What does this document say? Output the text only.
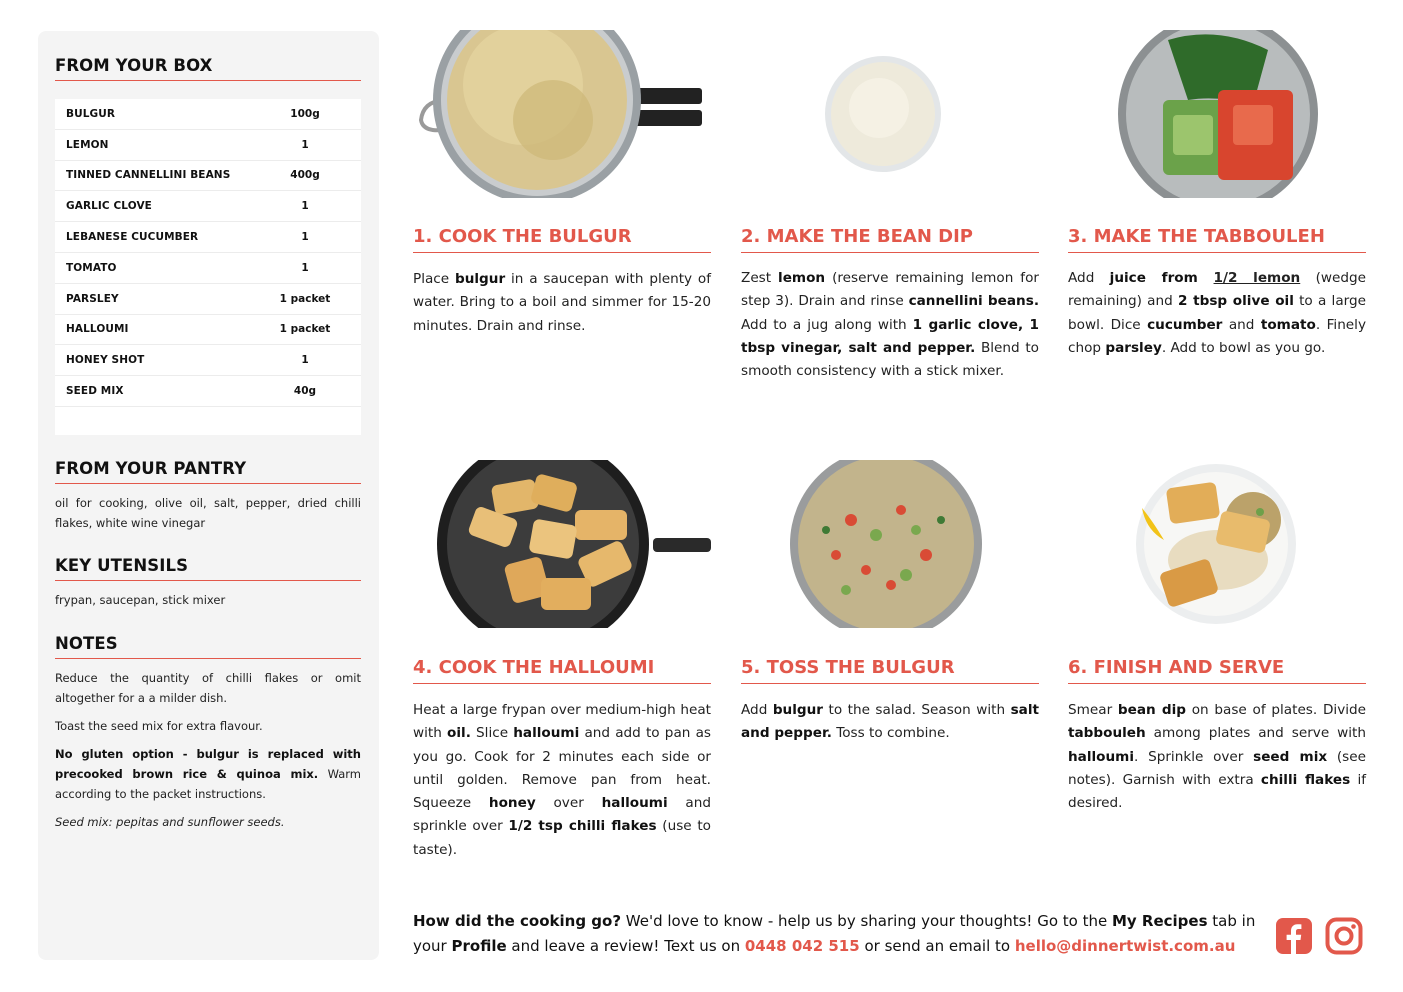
FROM YOUR BOX
BULGUR	100g
LEMON	1
TINNED CANNELLINI BEANS	400g
GARLIC CLOVE	1
LEBANESE CUCUMBER	1
TOMATO	1
PARSLEY	1 packet
HALLOUMI	1 packet
HONEY SHOT	1
SEED MIX	40g
FROM YOUR PANTRY
oil for cooking, olive oil, salt, pepper, dried chilli flakes, white wine vinegar
KEY UTENSILS
frypan, saucepan, stick mixer
NOTES

Reduce the quantity of chilli flakes or omit altogether for a a milder dish.

Toast the seed mix for extra flavour.

No gluten option - bulgur is replaced with precooked brown rice & quinoa mix. Warm according to the packet instructions.

Seed mix: pepitas and sunflower seeds.

1. COOK THE BULGUR
Place bulgur in a saucepan with plenty of water. Bring to a boil and simmer for 15-20 minutes. Drain and rinse.
2. MAKE THE BEAN DIP
Zest lemon (reserve remaining lemon for step 3). Drain and rinse cannellini beans. Add to a jug along with 1 garlic clove, 1 tbsp vinegar, salt and pepper. Blend to smooth consistency with a stick mixer.
3. MAKE THE TABBOULEH
Add juice from 1/2 lemon (wedge remaining) and 2 tbsp olive oil to a large bowl. Dice cucumber and tomato. Finely chop parsley. Add to bowl as you go.
4. COOK THE HALLOUMI
Heat a large frypan over medium-high heat with oil. Slice halloumi and add to pan as you go. Cook for 2 minutes each side or until golden. Remove pan from heat. Squeeze honey over halloumi and sprinkle over 1/2 tsp chilli flakes (use to taste).
5. TOSS THE BULGUR
Add bulgur to the salad. Season with salt and pepper. Toss to combine.
6. FINISH AND SERVE
Smear bean dip on base of plates. Divide tabbouleh among plates and serve with halloumi. Sprinkle over seed mix (see notes). Garnish with extra chilli flakes if desired.
How did the cooking go? We'd love to know - help us by sharing your thoughts! Go to the My Recipes tab in your Profile and leave a review! Text us on 0448 042 515 or send an email to hello@dinnertwist.com.au
